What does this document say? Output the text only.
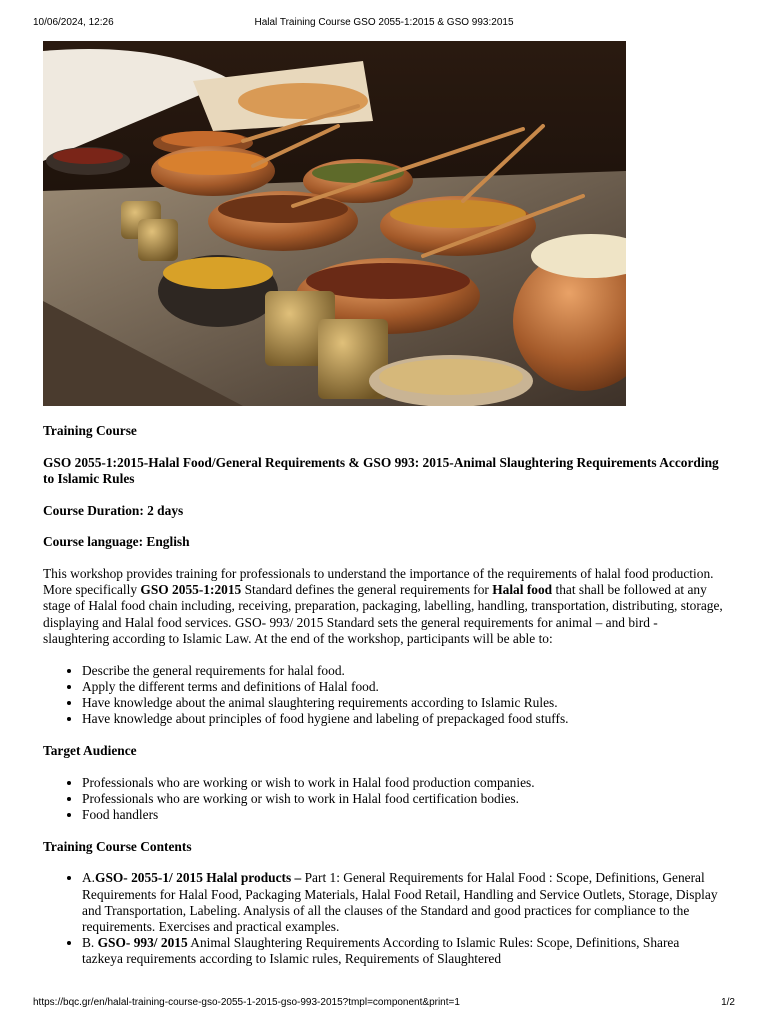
10/06/2024, 12:26	Halal Training Course GSO 2055-1:2015 & GSO 993:2015
Training Course
GSO 2055-1:2015-Halal Food/General Requirements & GSO 993: 2015-Animal Slaughtering Requirements According to Islamic Rules
Course Duration: 2 days
Course language: English

This workshop provides training for professionals to understand the importance of the requirements of halal food production. More specifically GSO 2055-1:2015 Standard defines the general requirements for Halal food that shall be followed at any stage of Halal food chain including, receiving, preparation, packaging, labelling, handling, transportation, distributing, storage, displaying and Halal food services. GSO- 993/ 2015 Standard sets the general requirements for animal – and bird - slaughtering according to Islamic Law. At the end of the workshop, participants will be able to:

• Describe the general requirements for halal food.
• Apply the different terms and definitions of Halal food.
• Have knowledge about the animal slaughtering requirements according to Islamic Rules.
• Have knowledge about principles of food hygiene and labeling of prepackaged food stuffs.
Target Audience
• Professionals who are working or wish to work in Halal food production companies.
• Professionals who are working or wish to work in Halal food certification bodies.
• Food handlers
Training Course Contents
• A.GSO- 2055-1/ 2015 Halal products – Part 1: General Requirements for Halal Food : Scope, Definitions, General Requirements for Halal Food, Packaging Materials, Halal Food Retail, Handling and Service Outlets, Storage, Display and Transportation, Labeling. Analysis of all the clauses of the Standard and good practices for compliance to the requirements. Exercises and practical examples.
• B. GSO- 993/ 2015 Animal Slaughtering Requirements According to Islamic Rules: Scope, Definitions, Sharea tazkeya requirements according to Islamic rules, Requirements of Slaughtered
https://bqc.gr/en/halal-training-course-gso-2055-1-2015-gso-993-2015?tmpl=component&print=1	1/2
